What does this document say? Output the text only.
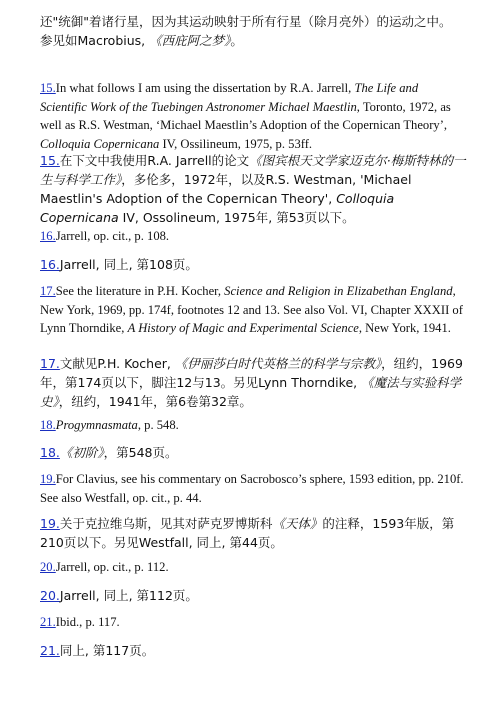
还"统御"着诸行星，因为其运动映射于所有行星（除月亮外）的运动之中。
参见如Macrobius, 《西庇阿之梦》。
15.In what follows I am using the dissertation by R.A. Jarrell, The Life and Scientific Work of the Tuebingen Astronomer Michael Maestlin, Toronto, 1972, as well as R.S. Westman, ‘Michael Maestlin’s Adoption of the Copernican Theory’, Colloquia Copernicana IV, Ossilineum, 1975, p. 53ff.
15.在下文中我使用R.A. Jarrell的论文《图宾根天文学家迈克尔·梅斯特林的一生与科学工作》，多伦多，1972年，以及R.S. Westman, 'Michael Maestlin's Adoption of the Copernican Theory', Colloquia Copernicana IV, Ossolineum, 1975年, 第53页以下。
16.Jarrell, op. cit., p. 108.
16.Jarrell, 同上, 第108页。
17.See the literature in P.H. Kocher, Science and Religion in Elizabethan England, New York, 1969, pp. 174f, footnotes 12 and 13. See also Vol. VI, Chapter XXXII of Lynn Thorndike, A History of Magic and Experimental Science, New York, 1941.
17.文献见P.H. Kocher, 《伊丽莎白时代英格兰的科学与宗教》，纽约，1969年，第174页以下，脚注12与13。另见Lynn Thorndike, 《魔法与实验科学史》，纽约，1941年，第6卷第32章。
18.Progymnasmata, p. 548.
18.《初阶》，第548页。
19.For Clavius, see his commentary on Sacrobosco’s sphere, 1593 edition, pp. 210f. See also Westfall, op. cit., p. 44.
19.关于克拉维乌斯，见其对萨克罗博斯科《天体》的注释，1593年版，第210页以下。另见Westfall, 同上, 第44页。
20.Jarrell, op. cit., p. 112.
20.Jarrell, 同上, 第112页。
21.Ibid., p. 117.
21.同上, 第117页。
